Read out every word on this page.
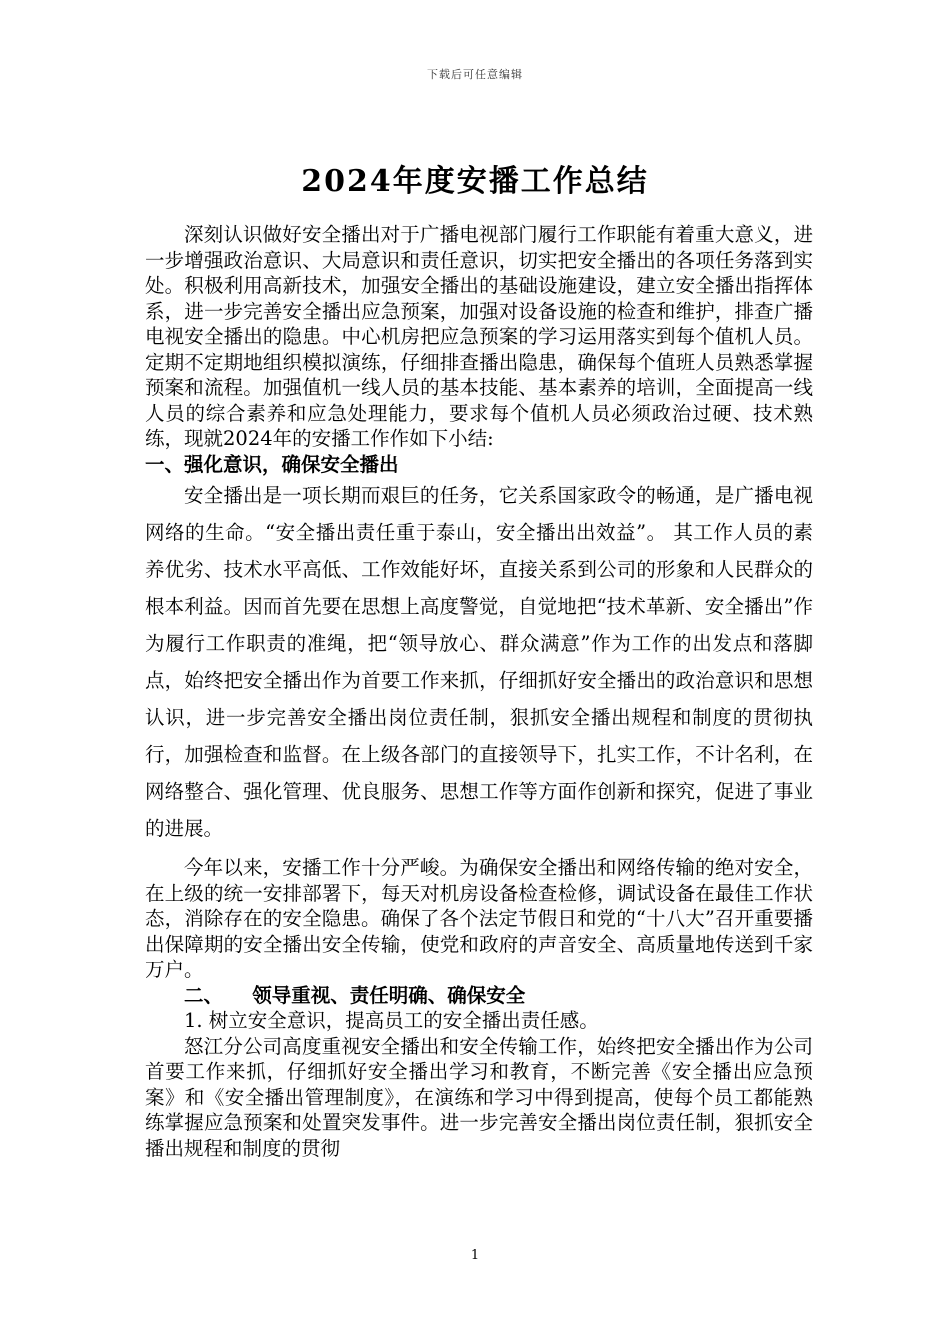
下载后可任意编辑
2024年度安播工作总结

深刻认识做好安全播出对于广播电视部门履行工作职能有着重大意义，进一步增强政治意识、大局意识和责任意识，切实把安全播出的各项任务落到实处。积极利用高新技术，加强安全播出的基础设施建设，建立安全播出指挥体系，进一步完善安全播出应急预案，加强对设备设施的检查和维护，排查广播电视安全播出的隐患。中心机房把应急预案的学习运用落实到每个值机人员。定期不定期地组织模拟演练，仔细排查播出隐患，确保每个值班人员熟悉掌握预案和流程。加强值机一线人员的基本技能、基本素养的培训，全面提高一线人员的综合素养和应急处理能力，要求每个值机人员必须政治过硬、技术熟练，现就2024年的安播工作作如下小结:

一、强化意识，确保安全播出

安全播出是一项长期而艰巨的任务，它关系国家政令的畅通，是广播电视网络的生命。“安全播出责任重于泰山，安全播出出效益”。 其工作人员的素养优劣、技术水平高低、工作效能好坏，直接关系到公司的形象和人民群众的根本利益。因而首先要在思想上高度警觉，自觉地把“技术革新、安全播出”作为履行工作职责的准绳，把“领导放心、群众满意”作为工作的出发点和落脚点，始终把安全播出作为首要工作来抓，仔细抓好安全播出的政治意识和思想认识，进一步完善安全播出岗位责任制，狠抓安全播出规程和制度的贯彻执行，加强检查和监督。在上级各部门的直接领导下，扎实工作，不计名利，在网络整合、强化管理、优良服务、思想工作等方面作创新和探究，促进了事业的进展。

今年以来，安播工作十分严峻。为确保安全播出和网络传输的绝对安全，在上级的统一安排部署下，每天对机房设备检查检修，调试设备在最佳工作状态，消除存在的安全隐患。确保了各个法定节假日和党的“十八大”召开重要播出保障期的安全播出安全传输，使党和政府的声音安全、高质量地传送到千家万户。

二、 领导重视、责任明确、确保安全
1. 树立安全意识，提高员工的安全播出责任感。

怒江分公司高度重视安全播出和安全传输工作，始终把安全播出作为公司首要工作来抓，仔细抓好安全播出学习和教育，不断完善《安全播出应急预案》和《安全播出管理制度》，在演练和学习中得到提高，使每个员工都能熟练掌握应急预案和处置突发事件。进一步完善安全播出岗位责任制，狠抓安全播出规程和制度的贯彻

1
